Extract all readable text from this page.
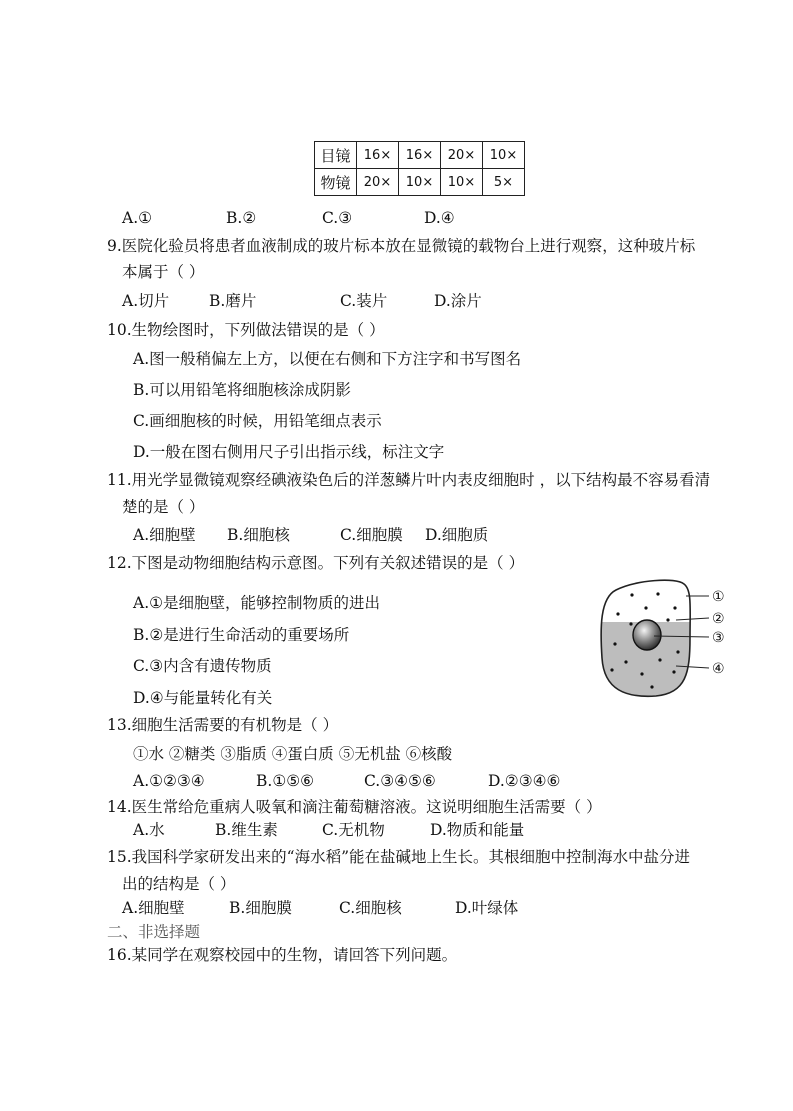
目镜	16×	16×	20×	10×
物镜	20×	10×	10×	5×
A.①	B.②	C.③	D.④
9.医院化验员将患者血液制成的玻片标本放在显微镜的载物台上进行观察，这种玻片标
本属于（ ）
A.切片	B.磨片	C.装片	D.涂片
10.生物绘图时，下列做法错误的是（ ）
A.图一般稍偏左上方，以便在右侧和下方注字和书写图名
B.可以用铅笔将细胞核涂成阴影
C.画细胞核的时候，用铅笔细点表示
D.一般在图右侧用尺子引出指示线，标注文字
11.用光学显微镜观察经碘液染色后的洋葱鳞片叶内表皮细胞时 ，以下结构最不容易看清
楚的是（ ）
A.细胞壁 B.细胞核	C.细胞膜 D.细胞质
12.下图是动物细胞结构示意图。下列有关叙述错误的是（ ）
A.①是细胞壁，能够控制物质的进出
B.②是进行生命活动的重要场所
C.③内含有遗传物质
D.④与能量转化有关
①
②
③
④
13.细胞生活需要的有机物是（ ）
①水 ②糖类 ③脂质 ④蛋白质 ⑤无机盐 ⑥核酸
A.①②③④	B.①⑤⑥	C.③④⑤⑥	D.②③④⑥
14.医生常给危重病人吸氧和滴注葡萄糖溶液。这说明细胞生活需要（ ）
A.水	B.维生素	C.无机物	D.物质和能量
15.我国科学家研发出来的“海水稻”能在盐碱地上生长。其根细胞中控制海水中盐分进
出的结构是（ ）
A.细胞壁	B.细胞膜	C.细胞核	D.叶绿体
二、非选择题
16.某同学在观察校园中的生物，请回答下列问题。
